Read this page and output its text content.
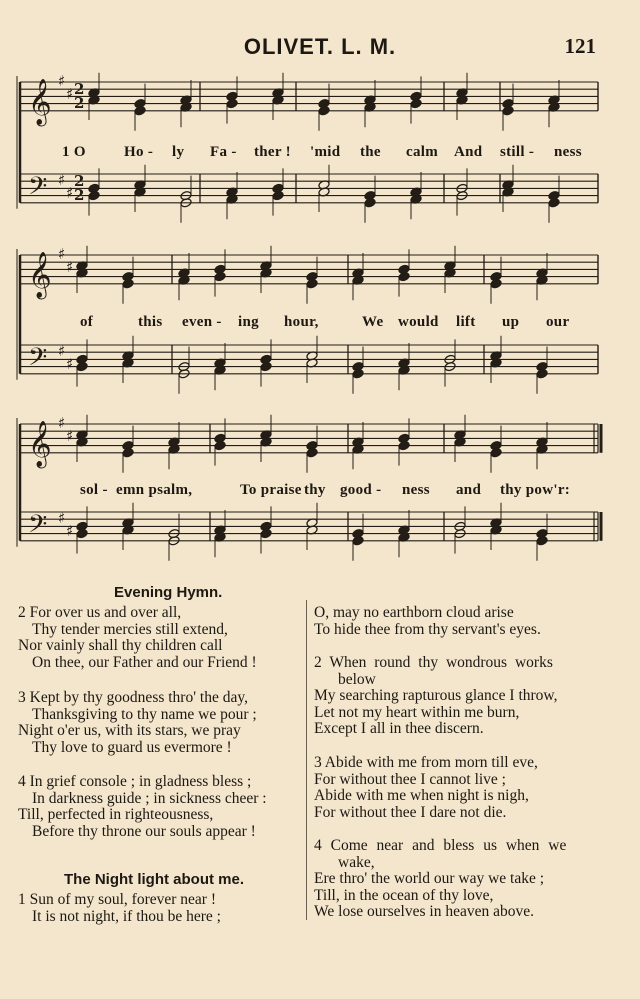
OLIVET. L. M.	121
𝄞 ♯
♯
𝄢 ♯
♯
2
2
2
2
𝄞 ♯
♯
𝄢 ♯
♯
𝄞 ♯
♯
𝄢 ♯
♯
1 O	Ho - ly Fa - ther ! 'mid the calm And still - ness
of	this even - ing hour,	We would lift up our
sol - emn psalm,	To praise thy good - ness and thy pow'r:
Evening Hymn.
2 For over us and over all,
Thy tender mercies still extend,
Nor vainly shall thy children call
On thee, our Father and our Friend !
3 Kept by thy goodness thro' the day,
Thanksgiving to thy name we pour ;
Night o'er us, with its stars, we pray
Thy love to guard us evermore !
4 In grief console ; in gladness bless ;
In darkness guide ; in sickness cheer :
Till, perfected in righteousness,
Before thy throne our souls appear !
The Night light about me.
1 Sun of my soul, forever near !
It is not night, if thou be here ;
O, may no earthborn cloud arise
To hide thee from thy servant's eyes.
2 When round thy wondrous works
below
My searching rapturous glance I throw,
Let not my heart within me burn,
Except I all in thee discern.
3 Abide with me from morn till eve,
For without thee I cannot live ;
Abide with me when night is nigh,
For without thee I dare not die.
4 Come near and bless us when we
wake,
Ere thro' the world our way we take ;
Till, in the ocean of thy love,
We lose ourselves in heaven above.
